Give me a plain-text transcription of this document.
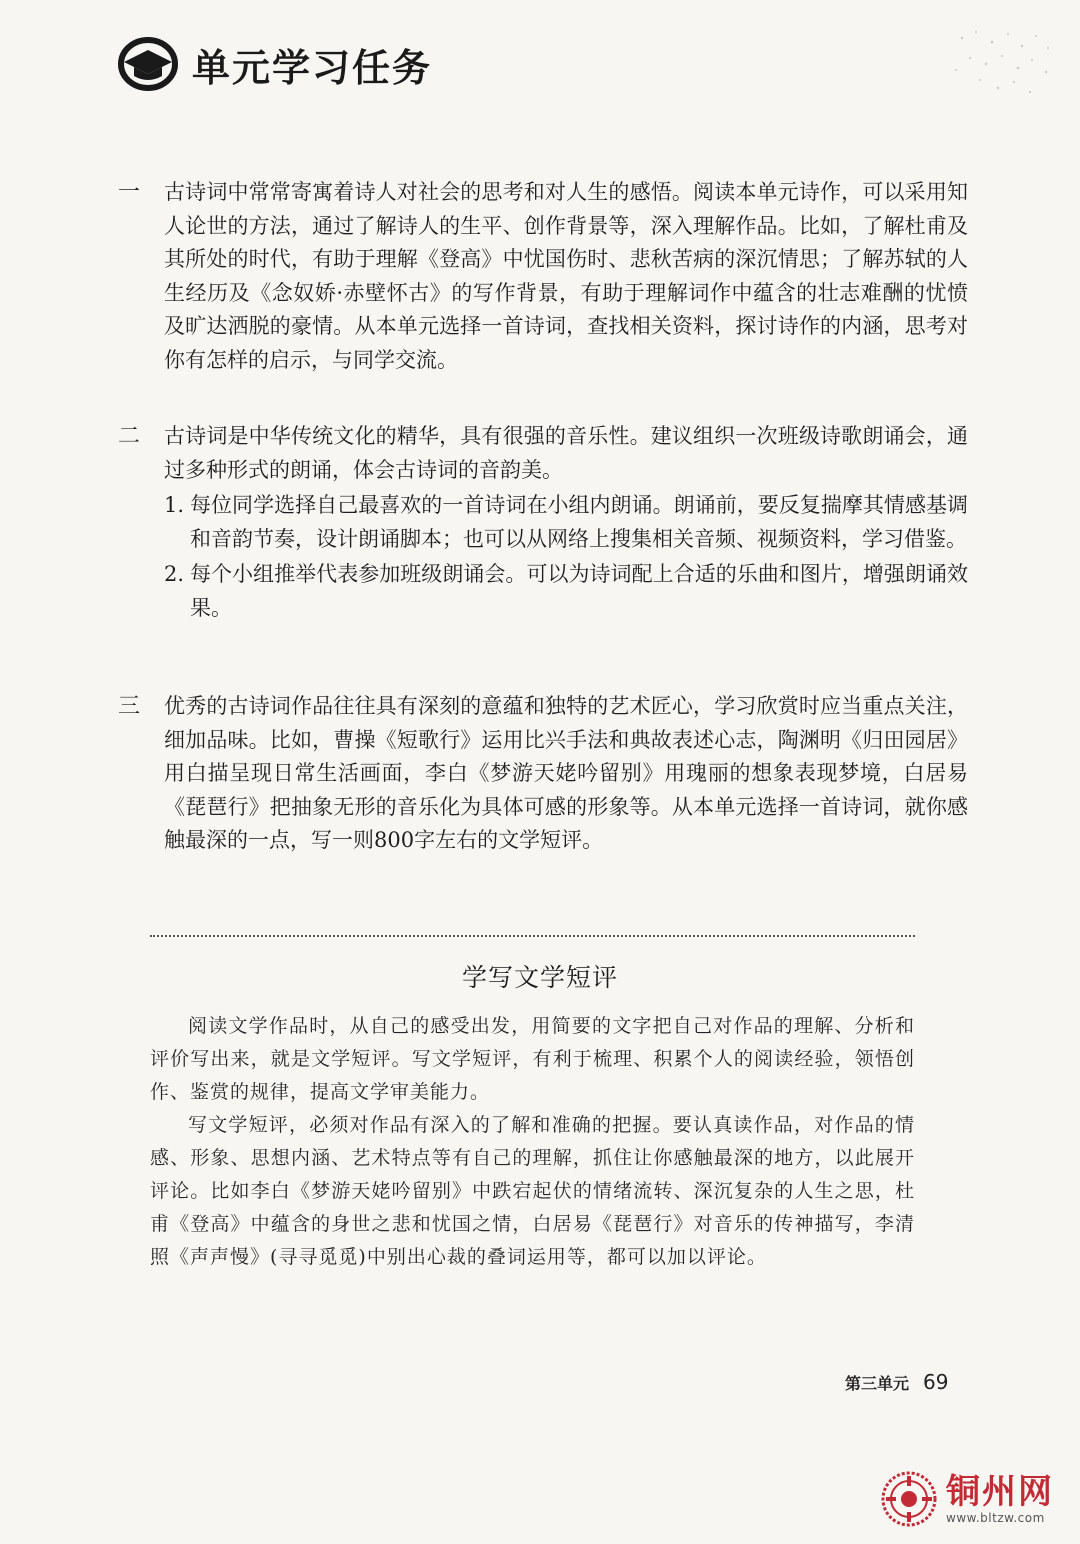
单元学习任务
一	古诗词中常常寄寓着诗人对社会的思考和对人生的感悟。阅读本单元诗作，可以采用知人论世的方法，通过了解诗人的生平、创作背景等，深入理解作品。比如，了解杜甫及其所处的时代，有助于理解《登高》中忧国伤时、悲秋苦病的深沉情思；了解苏轼的人生经历及《念奴娇·赤壁怀古》的写作背景，有助于理解词作中蕴含的壮志难酬的忧愤及旷达洒脱的豪情。从本单元选择一首诗词，查找相关资料，探讨诗作的内涵，思考对你有怎样的启示，与同学交流。

二	古诗词是中华传统文化的精华，具有很强的音乐性。建议组织一次班级诗歌朗诵会，通过多种形式的朗诵，体会古诗词的音韵美。

1. 每位同学选择自己最喜欢的一首诗词在小组内朗诵。朗诵前，要反复揣摩其情感基调和音韵节奏，设计朗诵脚本；也可以从网络上搜集相关音频、视频资料，学习借鉴。

2. 每个小组推举代表参加班级朗诵会。可以为诗词配上合适的乐曲和图片，增强朗诵效果。

三	优秀的古诗词作品往往具有深刻的意蕴和独特的艺术匠心，学习欣赏时应当重点关注，细加品味。比如，曹操《短歌行》运用比兴手法和典故表述心志，陶渊明《归田园居》用白描呈现日常生活画面，李白《梦游天姥吟留别》用瑰丽的想象表现梦境，白居易《琵琶行》把抽象无形的音乐化为具体可感的形象等。从本单元选择一首诗词，就你感触最深的一点，写一则800字左右的文学短评。

学写文学短评

阅读文学作品时，从自己的感受出发，用简要的文字把自己对作品的理解、分析和评价写出来，就是文学短评。写文学短评，有利于梳理、积累个人的阅读经验，领悟创作、鉴赏的规律，提高文学审美能力。

写文学短评，必须对作品有深入的了解和准确的把握。要认真读作品，对作品的情感、形象、思想内涵、艺术特点等有自己的理解，抓住让你感触最深的地方，以此展开评论。比如李白《梦游天姥吟留别》中跌宕起伏的情绪流转、深沉复杂的人生之思，杜甫《登高》中蕴含的身世之悲和忧国之情，白居易《琵琶行》对音乐的传神描写，李清照《声声慢》(寻寻觅觅)中别出心裁的叠词运用等，都可以加以评论。

第三单元 69
铜州网
www.bltzw.com
